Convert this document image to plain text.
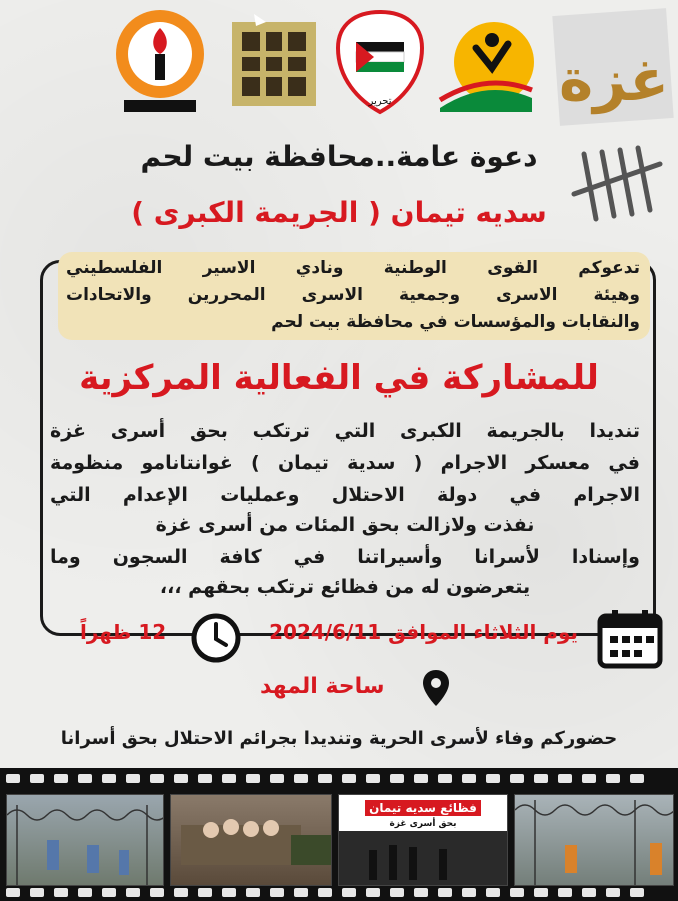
تحرير	غزة
دعوة عامة..محافظة بيت لحم
سديه تيمان ( الجريمة الكبرى )
تدعوكم القوى الوطنية ونادي الاسير الفلسطيني
وهيئة الاسرى وجمعية الاسرى المحررين والاتحادات
والنقابات والمؤسسات في محافظة بيت لحم
للمشاركة في الفعالية المركزية
تنديدا بالجريمة الكبرى التي ترتكب بحق أسرى غزة
في معسكر الاجرام ( سدية تيمان ) غوانتانامو منظومة
الاجرام في دولة الاحتلال وعمليات الإعدام التي
نفذت ولازالت بحق المئات من أسرى غزة
وإسنادا لأسرانا وأسيراتنا في كافة السجون وما
يتعرضون له من فظائع ترتكب بحقهم ،،،
يوم الثلاثاء الموافق 2024/6/11
12 ظهراً
ساحة المهد
حضوركم وفاء لأسرى الحرية وتنديدا بجرائم الاحتلال بحق أسرانا
فظائع سديه تيمان
بحق أسرى غزة
